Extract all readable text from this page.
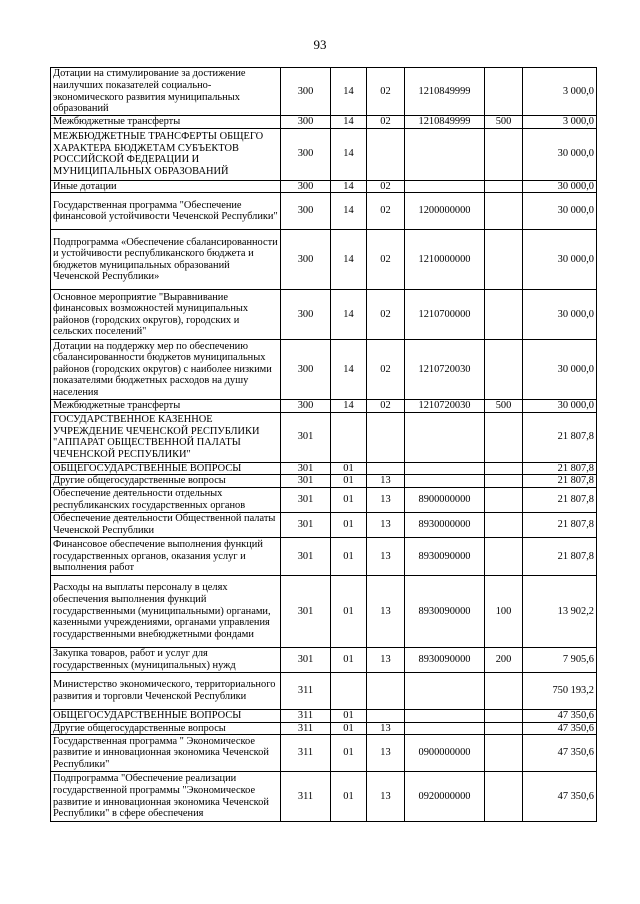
93
Дотации на стимулирование за достижение наилучших показателей социально-экономического развития муниципальных образований	300	14	02	1210849999		3 000,0
Межбюджетные трансферты	300	14	02	1210849999	500	3 000,0
МЕЖБЮДЖЕТНЫЕ ТРАНСФЕРТЫ ОБЩЕГО ХАРАКТЕРА БЮДЖЕТАМ СУБЪЕКТОВ РОССИЙСКОЙ ФЕДЕРАЦИИ И МУНИЦИПАЛЬНЫХ ОБРАЗОВАНИЙ	300	14				30 000,0
Иные дотации	300	14	02			30 000,0
Государственная программа "Обеспечение финансовой устойчивости Чеченской Республики"	300	14	02	1200000000		30 000,0
Подпрограмма «Обеспечение сбалансированности и устойчивости республиканского бюджета и бюджетов муниципальных образований Чеченской Республики»	300	14	02	1210000000		30 000,0
Основное мероприятие "Выравнивание финансовых возможностей муниципальных районов (городских округов), городских и сельских поселений"	300	14	02	1210700000		30 000,0
Дотации на поддержку мер по обеспечению сбалансированности бюджетов муниципальных районов (городских округов) с наиболее низкими показателями бюджетных расходов на душу населения	300	14	02	1210720030		30 000,0
Межбюджетные трансферты	300	14	02	1210720030	500	30 000,0
ГОСУДАРСТВЕННОЕ КАЗЕННОЕ УЧРЕЖДЕНИЕ ЧЕЧЕНСКОЙ РЕСПУБЛИКИ "АППАРАТ ОБЩЕСТВЕННОЙ ПАЛАТЫ ЧЕЧЕНСКОЙ РЕСПУБЛИКИ"	301					21 807,8
ОБЩЕГОСУДАРСТВЕННЫЕ ВОПРОСЫ	301	01				21 807,8
Другие общегосударственные вопросы	301	01	13			21 807,8
Обеспечение деятельности отдельных республиканских государственных органов	301	01	13	8900000000		21 807,8
Обеспечение деятельности Общественной палаты Чеченской Республики	301	01	13	8930000000		21 807,8
Финансовое обеспечение выполнения функций государственных органов, оказания услуг и выполнения работ	301	01	13	8930090000		21 807,8
Расходы на выплаты персоналу в целях обеспечения выполнения функций государственными (муниципальными) органами, казенными учреждениями, органами управления государственными внебюджетными фондами	301	01	13	8930090000	100	13 902,2
Закупка товаров, работ и услуг для государственных (муниципальных) нужд	301	01	13	8930090000	200	7 905,6
Министерство экономического, территориального развития и торговли Чеченской Республики	311					750 193,2
ОБЩЕГОСУДАРСТВЕННЫЕ ВОПРОСЫ	311	01				47 350,6
Другие общегосударственные вопросы	311	01	13			47 350,6
Государственная программа " Экономическое развитие и инновационная экономика Чеченской Республики"	311	01	13	0900000000		47 350,6
Подпрограмма "Обеспечение реализации государственной программы "Экономическое развитие и инновационная экономика Чеченской Республики" в сфере обеспечения	311	01	13	0920000000		47 350,6
